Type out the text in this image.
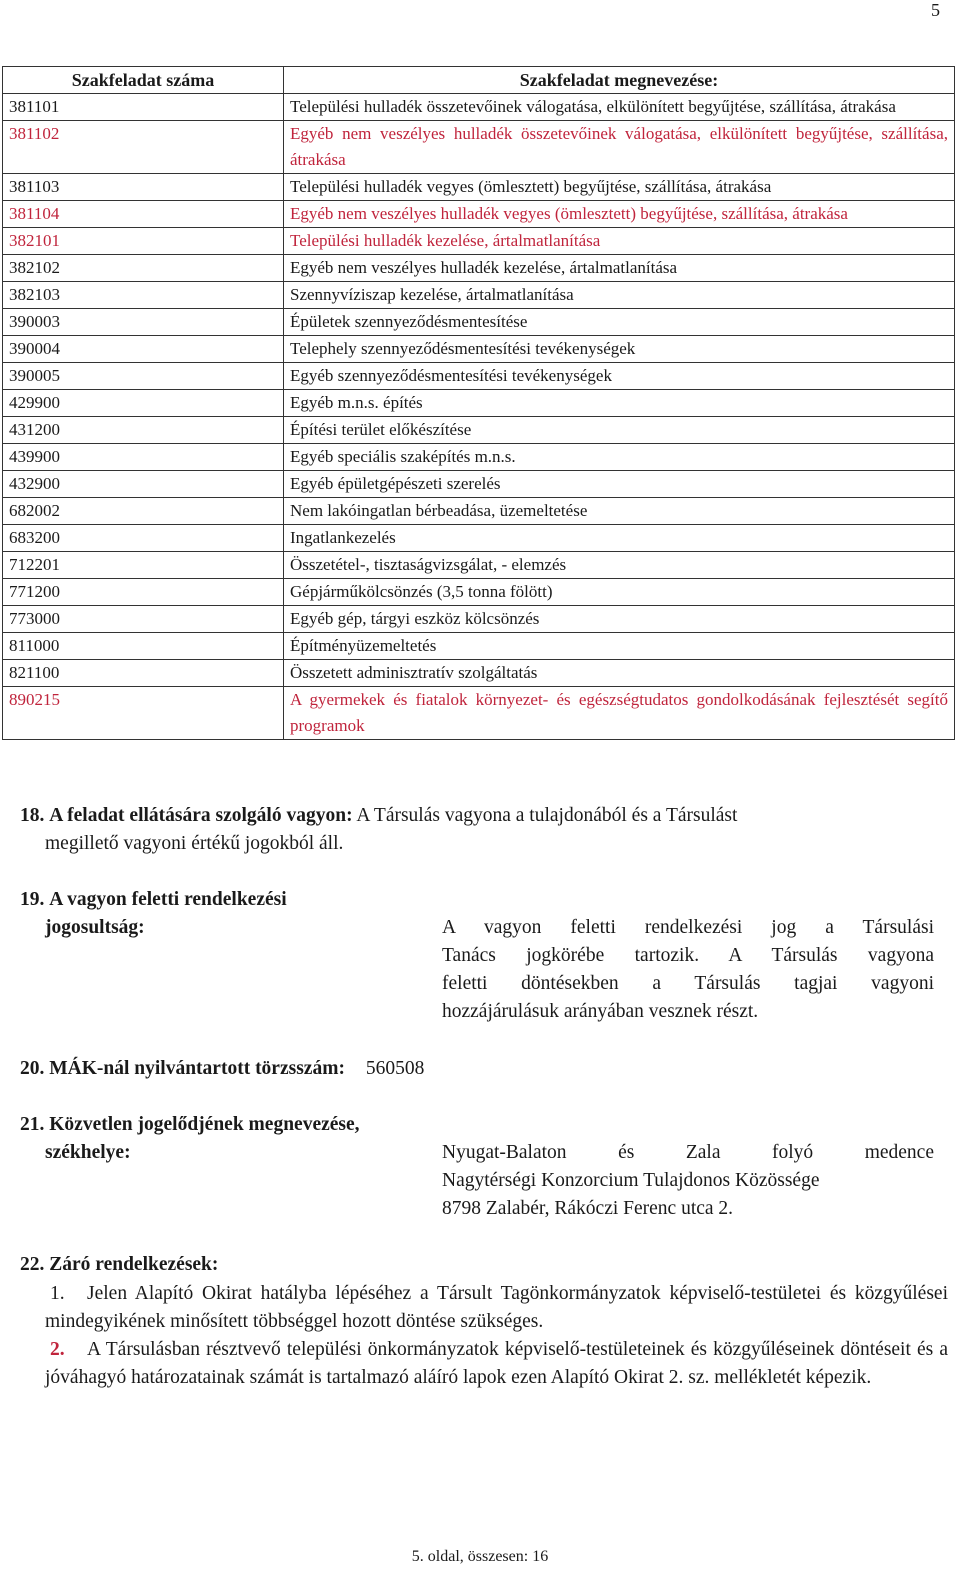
5
Szakfeladat száma	Szakfeladat megnevezése:
381101	Települési hulladék összetevőinek válogatása, elkülönített begyűjtése, szállítása, átrakása
381102	Egyéb nem veszélyes hulladék összetevőinek válogatása, elkülönített begyűjtése, szállítása, átrakása
381103	Települési hulladék vegyes (ömlesztett) begyűjtése, szállítása, átrakása
381104	Egyéb nem veszélyes hulladék vegyes (ömlesztett) begyűjtése, szállítása, átrakása
382101	Települési hulladék kezelése, ártalmatlanítása
382102	Egyéb nem veszélyes hulladék kezelése, ártalmatlanítása
382103	Szennyvíziszap kezelése, ártalmatlanítása
390003	Épületek szennyeződésmentesítése
390004	Telephely szennyeződésmentesítési tevékenységek
390005	Egyéb szennyeződésmentesítési tevékenységek
429900	Egyéb m.n.s. építés
431200	Építési terület előkészítése
439900	Egyéb speciális szaképítés m.n.s.
432900	Egyéb épületgépészeti szerelés
682002	Nem lakóingatlan bérbeadása, üzemeltetése
683200	Ingatlankezelés
712201	Összetétel-, tisztaságvizsgálat, - elemzés
771200	Gépjárműkölcsönzés (3,5 tonna fölött)
773000	Egyéb gép, tárgyi eszköz kölcsönzés
811000	Építményüzemeltetés
821100	Összetett adminisztratív szolgáltatás
890215	A gyermekek és fiatalok környezet- és egészségtudatos gondolkodásának fejlesztését segítő programok
18. A feladat ellátására szolgáló vagyon: A Társulás vagyona a tulajdonából és a Társulást
megillető vagyoni értékű jogokból áll.
19. A vagyon feletti rendelkezési
jogosultság:	A vagyon feletti rendelkezési jog a Társulási
Tanács jogkörébe tartozik. A Társulás vagyona
feletti döntésekben a Társulás tagjai vagyoni
hozzájárulásuk arányában vesznek részt.
20. MÁK-nál nyilvántartott törzsszám: 560508
21. Közvetlen jogelődjének megnevezése,
székhelye:	Nyugat-Balaton és Zala folyó medence
Nagytérségi Konzorcium Tulajdonos Közössége
8798 Zalabér, Rákóczi Ferenc utca 2.
22. Záró rendelkezések:
1. Jelen Alapító Okirat hatályba lépéséhez a Társult Tagönkormányzatok képviselő-testületei és közgyűlései mindegyikének minősített többséggel hozott döntése szükséges.
2. A Társulásban résztvevő települési önkormányzatok képviselő-testületeinek és közgyűléseinek döntéseit és a jóváhagyó határozatainak számát is tartalmazó aláíró lapok ezen Alapító Okirat 2. sz. mellékletét képezik.
5. oldal, összesen: 16
